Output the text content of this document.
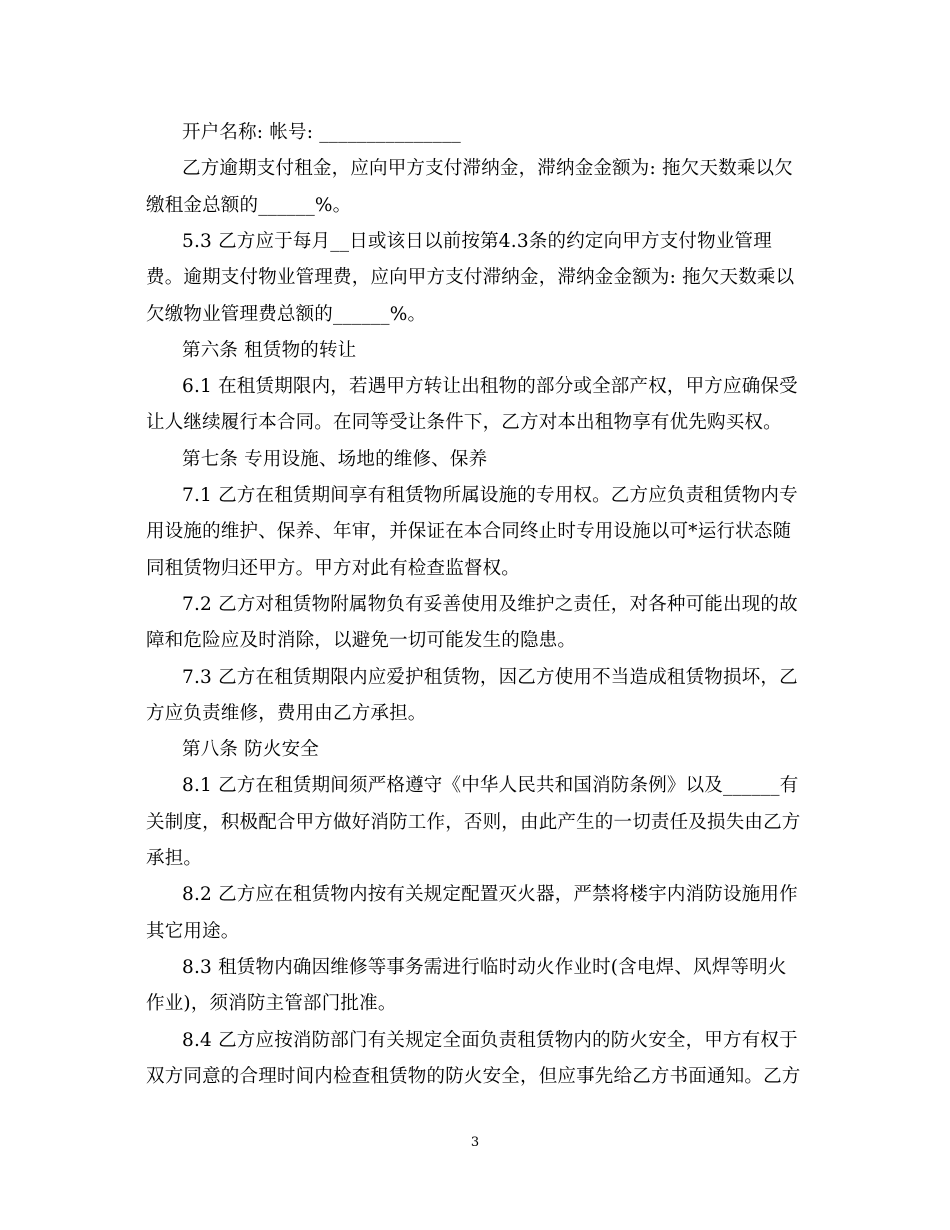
开户名称: 帐号: _______________
乙方逾期支付租金，应向甲方支付滞纳金，滞纳金金额为: 拖欠天数乘以欠
缴租金总额的______%。
5.3 乙方应于每月__日或该日以前按第4.3条的约定向甲方支付物业管理
费。逾期支付物业管理费，应向甲方支付滞纳金，滞纳金金额为: 拖欠天数乘以
欠缴物业管理费总额的______%。
第六条 租赁物的转让
6.1 在租赁期限内，若遇甲方转让出租物的部分或全部产权，甲方应确保受
让人继续履行本合同。在同等受让条件下，乙方对本出租物享有优先购买权。
第七条 专用设施、场地的维修、保养
7.1 乙方在租赁期间享有租赁物所属设施的专用权。乙方应负责租赁物内专
用设施的维护、保养、年审，并保证在本合同终止时专用设施以可*运行状态随
同租赁物归还甲方。甲方对此有检查监督权。
7.2 乙方对租赁物附属物负有妥善使用及维护之责任，对各种可能出现的故
障和危险应及时消除，以避免一切可能发生的隐患。
7.3 乙方在租赁期限内应爱护租赁物，因乙方使用不当造成租赁物损坏，乙
方应负责维修，费用由乙方承担。
第八条 防火安全
8.1 乙方在租赁期间须严格遵守《中华人民共和国消防条例》以及______有
关制度，积极配合甲方做好消防工作，否则，由此产生的一切责任及损失由乙方
承担。
8.2 乙方应在租赁物内按有关规定配置灭火器，严禁将楼宇内消防设施用作
其它用途。
8.3 租赁物内确因维修等事务需进行临时动火作业时(含电焊、风焊等明火
作业)，须消防主管部门批准。
8.4 乙方应按消防部门有关规定全面负责租赁物内的防火安全，甲方有权于
双方同意的合理时间内检查租赁物的防火安全，但应事先给乙方书面通知。乙方
3
